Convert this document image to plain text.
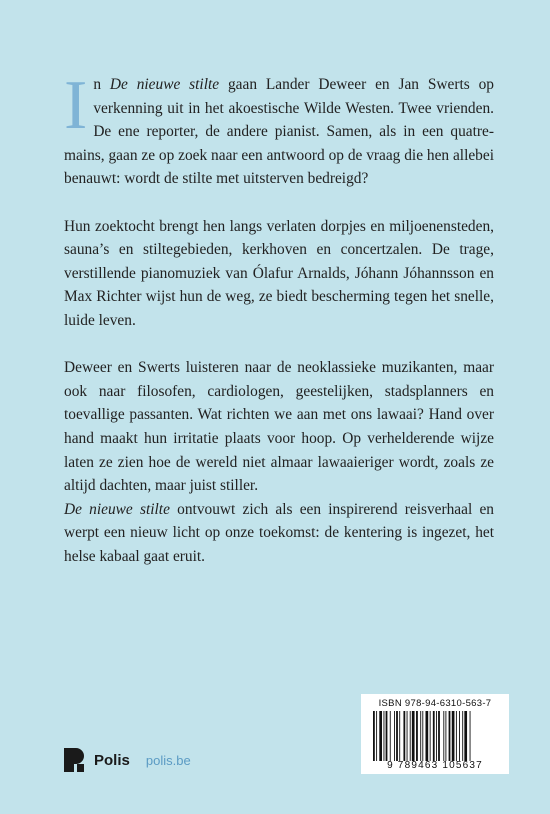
In De nieuwe stilte gaan Lander Deweer en Jan Swerts op verkenning uit in het akoestische Wilde Westen. Twee vrienden. De ene reporter, de andere pianist. Samen, als in een quatre-mains, gaan ze op zoek naar een antwoord op de vraag die hen allebei benauwt: wordt de stilte met uitsterven bedreigd?

Hun zoektocht brengt hen langs verlaten dorpjes en miljoenensteden, sauna’s en stiltegebieden, kerkhoven en concertzalen. De trage, verstillende pianomuziek van Ólafur Arnalds, Jóhann Jóhannsson en Max Richter wijst hun de weg, ze biedt bescherming tegen het snelle, luide leven.

Deweer en Swerts luisteren naar de neoklassieke muzikanten, maar ook naar filosofen, cardiologen, geestelijken, stadsplanners en toevallige passanten. Wat richten we aan met ons lawaai? Hand over hand maakt hun irritatie plaats voor hoop. Op verhelderende wijze laten ze zien hoe de wereld niet almaar lawaaieriger wordt, zoals ze altijd dachten, maar juist stiller.

De nieuwe stilte ontvouwt zich als een inspirerend reisverhaal en werpt een nieuw licht op onze toekomst: de kentering is ingezet, het helse kabaal gaat eruit.

Polis polis.be
ISBN 978-94-6310-563-7
9 789463 105637
